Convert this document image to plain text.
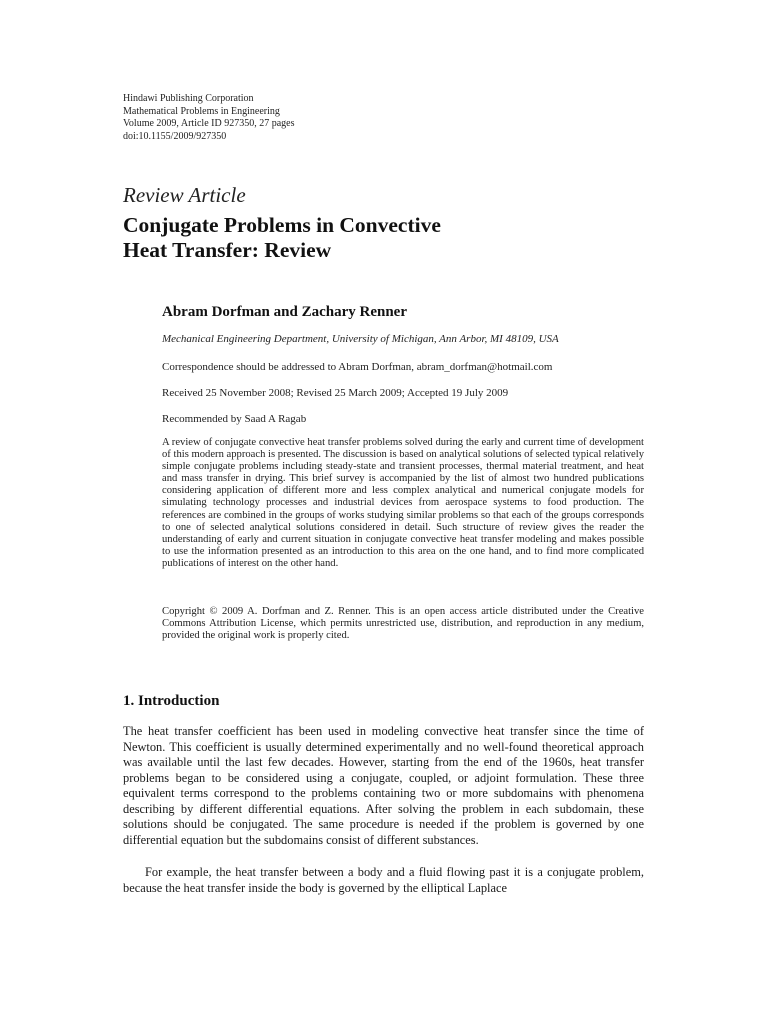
Hindawi Publishing Corporation
Mathematical Problems in Engineering
Volume 2009, Article ID 927350, 27 pages
doi:10.1155/2009/927350
Review Article
Conjugate Problems in Convective
Heat Transfer: Review
Abram Dorfman and Zachary Renner
Mechanical Engineering Department, University of Michigan, Ann Arbor, MI 48109, USA
Correspondence should be addressed to Abram Dorfman, abram_dorfman@hotmail.com
Received 25 November 2008; Revised 25 March 2009; Accepted 19 July 2009
Recommended by Saad A Ragab
A review of conjugate convective heat transfer problems solved during the early and current time of development of this modern approach is presented. The discussion is based on analytical solutions of selected typical relatively simple conjugate problems including steady-state and transient processes, thermal material treatment, and heat and mass transfer in drying. This brief survey is accompanied by the list of almost two hundred publications considering application of different more and less complex analytical and numerical conjugate models for simulating technology processes and industrial devices from aerospace systems to food production. The references are combined in the groups of works studying similar problems so that each of the groups corresponds to one of selected analytical solutions considered in detail. Such structure of review gives the reader the understanding of early and current situation in conjugate convective heat transfer modeling and makes possible to use the information presented as an introduction to this area on the one hand, and to find more complicated publications of interest on the other hand.
Copyright © 2009 A. Dorfman and Z. Renner. This is an open access article distributed under the Creative Commons Attribution License, which permits unrestricted use, distribution, and reproduction in any medium, provided the original work is properly cited.
1. Introduction
The heat transfer coefficient has been used in modeling convective heat transfer since the time of Newton. This coefficient is usually determined experimentally and no well-found theoretical approach was available until the last few decades. However, starting from the end of the 1960s, heat transfer problems began to be considered using a conjugate, coupled, or adjoint formulation. These three equivalent terms correspond to the problems containing two or more subdomains with phenomena describing by different differential equations. After solving the problem in each subdomain, these solutions should be conjugated. The same procedure is needed if the problem is governed by one differential equation but the subdomains consist of different substances.
For example, the heat transfer between a body and a fluid flowing past it is a conjugate problem, because the heat transfer inside the body is governed by the elliptical Laplace
